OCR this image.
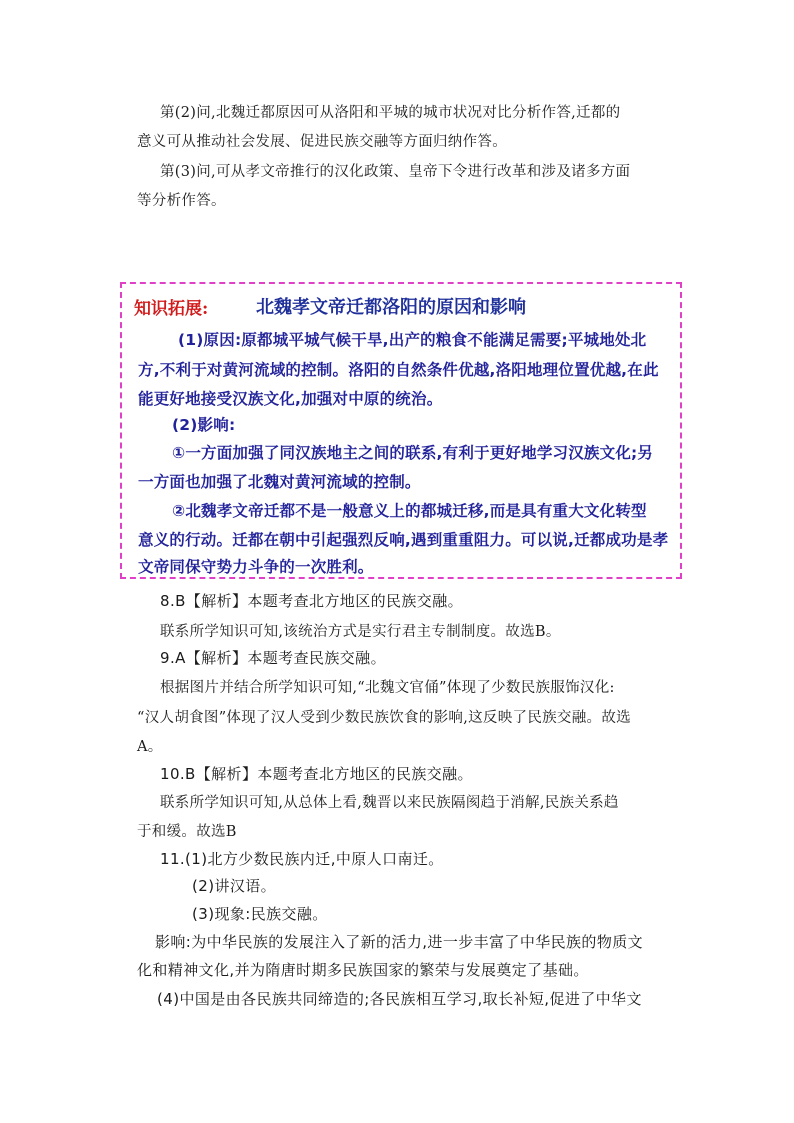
第(2)问,北魏迁都原因可从洛阳和平城的城市状况对比分析作答,迁都的
意义可从推动社会发展、促进民族交融等方面归纳作答。
第(3)问,可从孝文帝推行的汉化政策、皇帝下令进行改革和涉及诸多方面
等分析作答。
知识拓展:	北魏孝文帝迁都洛阳的原因和影响
(1)原因:原都城平城气候干旱,出产的粮食不能满足需要;平城地处北
方,不利于对黄河流域的控制。洛阳的自然条件优越,洛阳地理位置优越,在此
能更好地接受汉族文化,加强对中原的统治。
(2)影响:
①一方面加强了同汉族地主之间的联系,有利于更好地学习汉族文化;另
一方面也加强了北魏对黄河流域的控制。
②北魏孝文帝迁都不是一般意义上的都城迁移,而是具有重大文化转型
意义的行动。迁都在朝中引起强烈反响,遇到重重阻力。可以说,迁都成功是孝
文帝同保守势力斗争的一次胜利。
8.B【解析】本题考查北方地区的民族交融。
联系所学知识可知,该统治方式是实行君主专制制度。故选B。
9.A【解析】本题考查民族交融。
根据图片并结合所学知识可知,“北魏文官俑”体现了少数民族服饰汉化:
“汉人胡食图”体现了汉人受到少数民族饮食的影响,这反映了民族交融。故选
A。
10.B【解析】本题考查北方地区的民族交融。
联系所学知识可知,从总体上看,魏晋以来民族隔阂趋于消解,民族关系趋
于和缓。故选B
11.(1)北方少数民族内迁,中原人口南迁。
(2)讲汉语。
(3)现象:民族交融。
影响:为中华民族的发展注入了新的活力,进一步丰富了中华民族的物质文
化和精神文化,并为隋唐时期多民族国家的繁荣与发展奠定了基础。
(4)中国是由各民族共同缔造的;各民族相互学习,取长补短,促进了中华文
